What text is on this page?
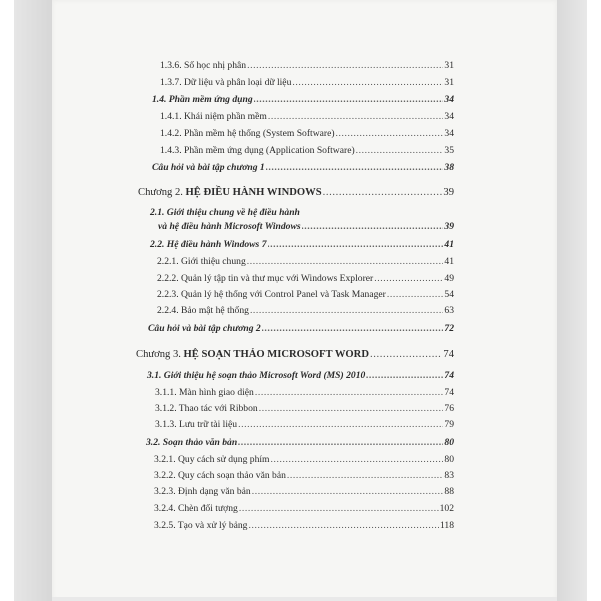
1.3.6. Số học nhị phân .....	31
1.3.7. Dữ liệu và phân loại dữ liệu .....	31
1.4. Phần mềm ứng dụng .....	34
1.4.1. Khái niệm phần mềm .....	34
1.4.2. Phần mềm hệ thống (System Software) .....	34
1.4.3. Phần mềm ứng dụng (Application Software) .....	35
Câu hỏi và bài tập chương 1 .....	38
Chương 2. HỆ ĐIỀU HÀNH WINDOWS .....	39
2.1. Giới thiệu chung về hệ điều hành
và hệ điều hành Microsoft Windows .....	39
2.2. Hệ điều hành Windows 7 .....	41
2.2.1. Giới thiệu chung .....	41
2.2.2. Quản lý tập tin và thư mục với Windows Explorer .....	49
2.2.3. Quản lý hệ thống với Control Panel và Task Manager .....	54
2.2.4. Bảo mật hệ thống .....	63
Câu hỏi và bài tập chương 2 .....	72
Chương 3. HỆ SOẠN THẢO MICROSOFT WORD .....	74
3.1. Giới thiệu hệ soạn thảo Microsoft Word (MS) 2010 .....	74
3.1.1. Màn hình giao diện .....	74
3.1.2. Thao tác với Ribbon .....	76
3.1.3. Lưu trữ tài liệu .....	79
3.2. Soạn thảo văn bản .....	80
3.2.1. Quy cách sử dụng phím .....	80
3.2.2. Quy cách soạn thảo văn bản .....	83
3.2.3. Định dạng văn bản .....	88
3.2.4. Chèn đối tượng .....	102
3.2.5. Tạo và xử lý bảng .....	118
